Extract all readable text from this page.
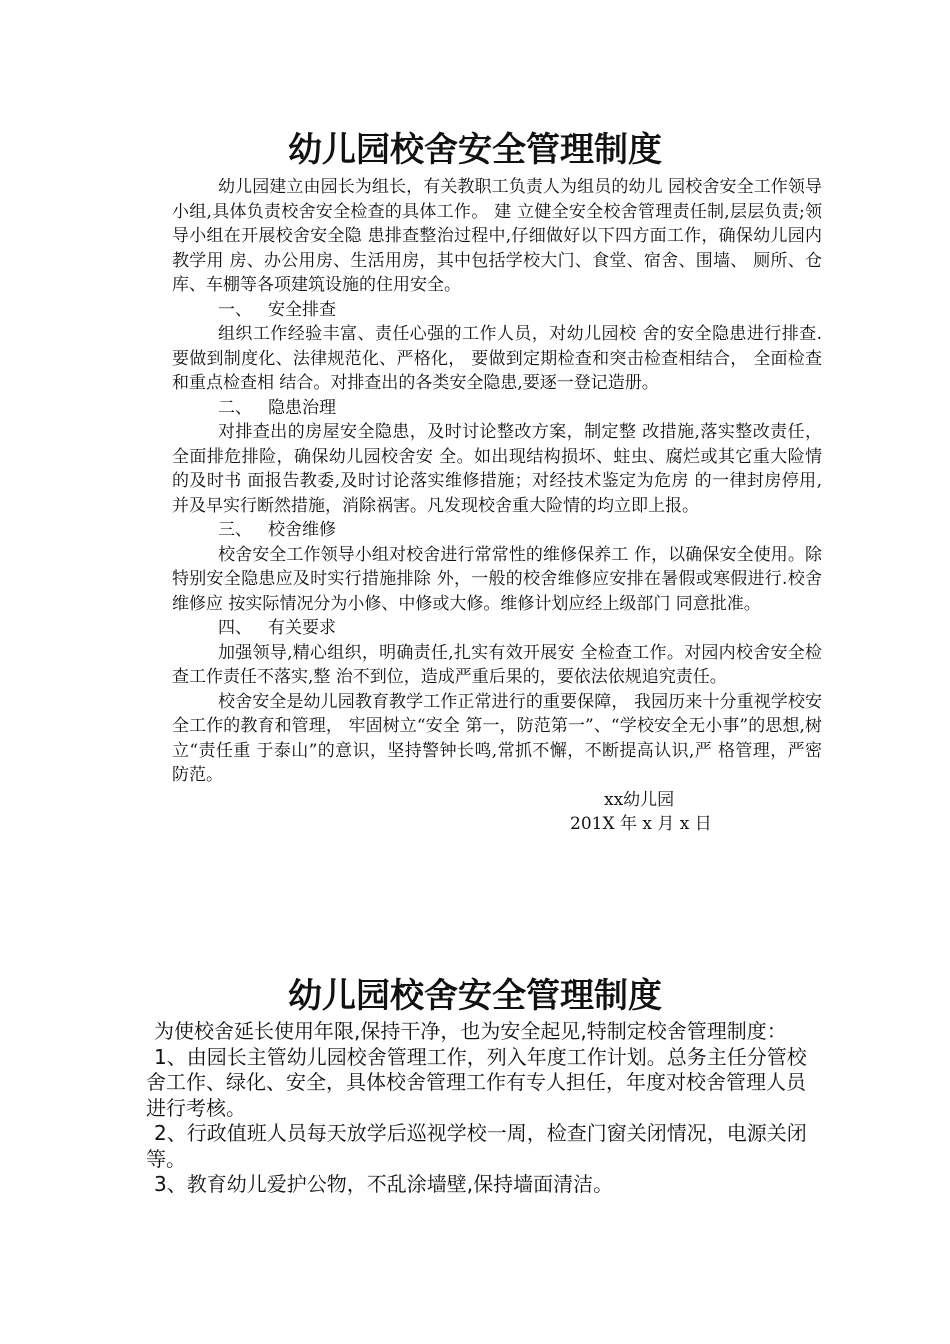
幼儿园校舍安全管理制度

幼儿园建立由园长为组长，有关教职工负责人为组员的幼儿 园校舍安全工作领导小组,具体负责校舍安全检查的具体工作。 建 立健全安全校舍管理责任制,层层负责;领导小组在开展校舍安全隐 患排查整治过程中,仔细做好以下四方面工作，确保幼儿园内教学用 房、办公用房、生活用房，其中包括学校大门、食堂、宿舍、围墙、 厕所、仓库、车棚等各项建筑设施的住用安全。

一、 安全排查

组织工作经验丰富、责任心强的工作人员，对幼儿园校 舍的安全隐患进行排查.要做到制度化、法律规范化、严格化， 要做到定期检查和突击检查相结合， 全面检查和重点检查相 结合。对排查出的各类安全隐患,要逐一登记造册。

二、 隐患治理

对排查出的房屋安全隐患，及时讨论整改方案，制定整 改措施,落实整改责任，全面排危排险，确保幼儿园校舍安 全。如出现结构损坏、蛀虫、腐烂或其它重大险情的及时书 面报告教委,及时讨论落实维修措施；对经技术鉴定为危房 的一律封房停用,并及早实行断然措施，消除祸害。凡发现校舍重大险情的均立即上报。

三、 校舍维修

校舍安全工作领导小组对校舍进行常常性的维修保养工 作，以确保安全使用。除特别安全隐患应及时实行措施排除 外，一般的校舍维修应安排在暑假或寒假进行.校舍维修应 按实际情况分为小修、中修或大修。维修计划应经上级部门 同意批准。

四、 有关要求

加强领导,精心组织，明确责任,扎实有效开展安 全检查工作。对园内校舍安全检查工作责任不落实,整 治不到位，造成严重后果的，要依法依规追究责任。

校舍安全是幼儿园教育教学工作正常进行的重要保障， 我园历来十分重视学校安全工作的教育和管理， 牢固树立“安全 第一，防范第一”、“学校安全无小事”的思想,树立“责任重 于泰山”的意识，坚持警钟长鸣,常抓不懈，不断提高认识,严 格管理，严密防范。

xx幼儿园

201X 年 x 月 x 日

幼儿园校舍安全管理制度

为使校舍延长使用年限,保持干净，也为安全起见,特制定校舍管理制度：

1、由园长主管幼儿园校舍管理工作，列入年度工作计划。总务主任分管校舍工作、绿化、安全，具体校舍管理工作有专人担任，年度对校舍管理人员进行考核。

2、行政值班人员每天放学后巡视学校一周，检查门窗关闭情况，电源关闭等。

3、教育幼儿爱护公物，不乱涂墙壁,保持墙面清洁。
